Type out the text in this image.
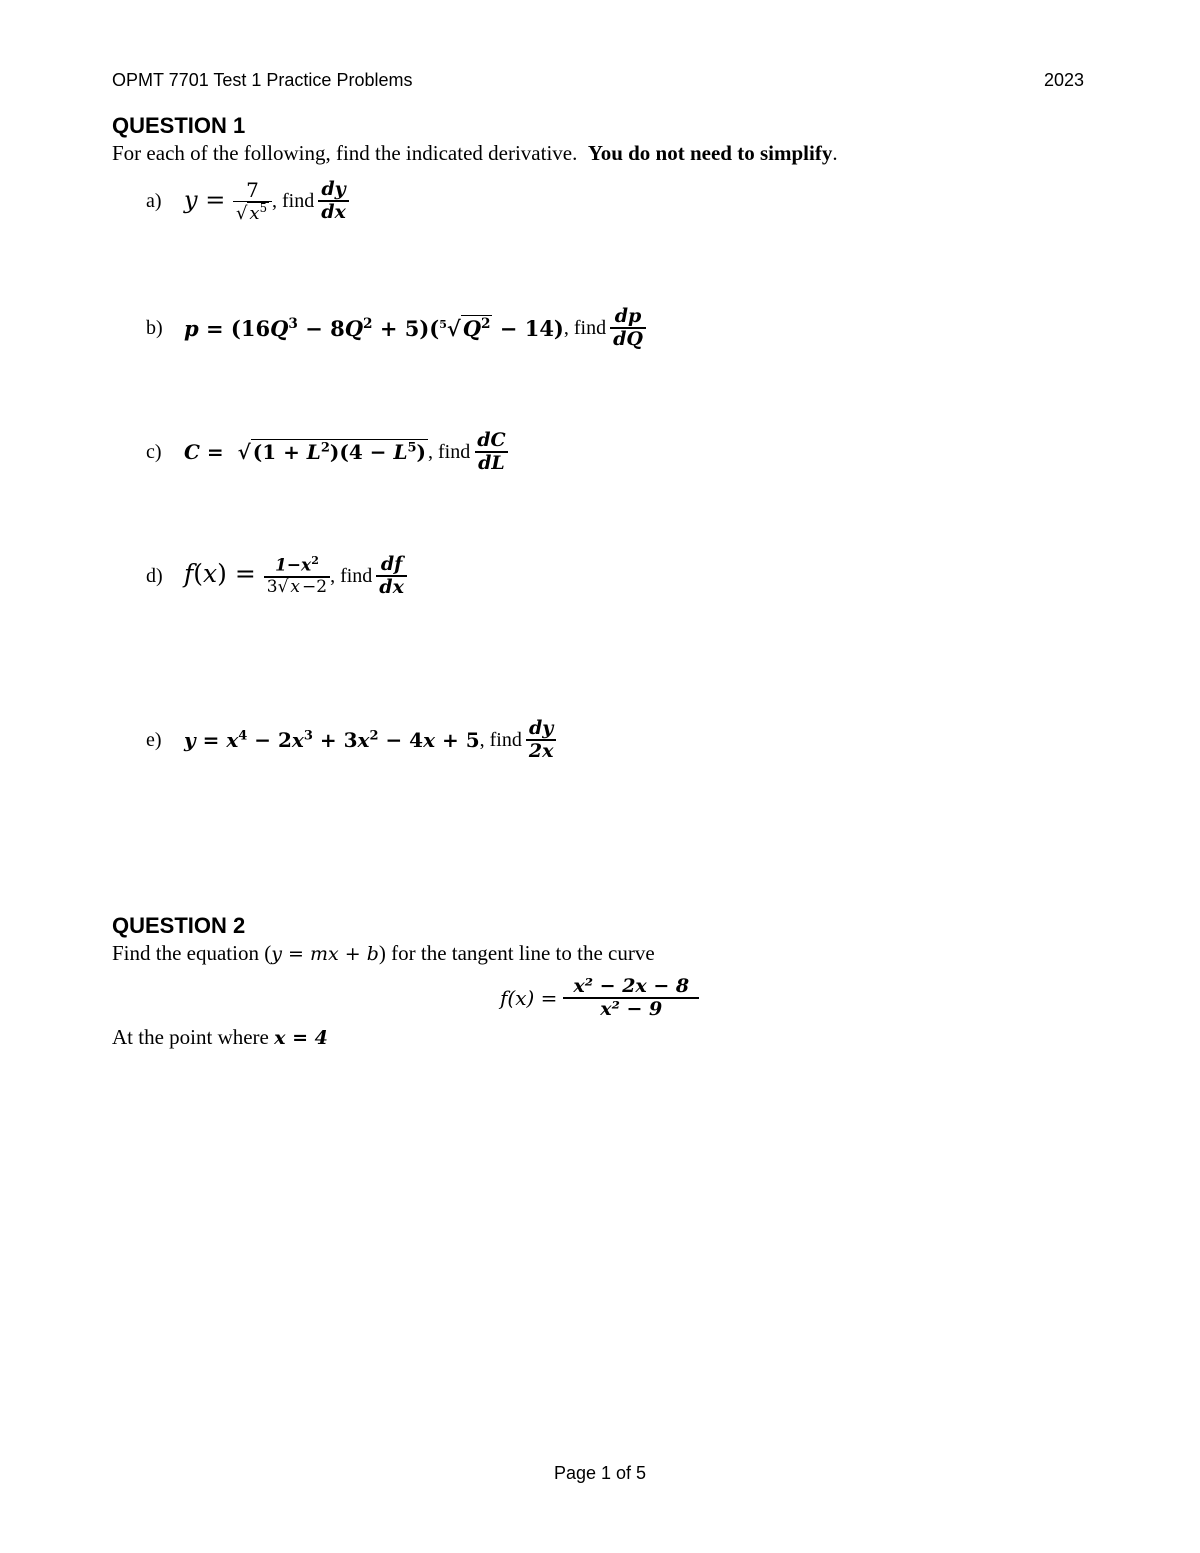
OPMT 7701 Test 1 Practice Problems	2023
QUESTION 1
For each of the following, find the indicated derivative. You do not need to simplify.
a) $y = \frac{7}{√ x^5}$ , find $\frac{dy}{dx}$
b)	$p = (16Q^3 - 8Q^2 + 5)(^5√Q^2 - 14)$ , find $\frac{dp}{dQ}$
c)	C =  √ $(1 + L^2)(4 - L^5)$ , find $\frac{dC}{dL}$
d) $f(x) = \frac{1-x^2}{3√ x -2}$ , find $\frac{df}{dx}$
e)	$y = x^4 - 2x^3 + 3x^2 - 4x + 5$ , find $\frac{dy}{2x}$
QUESTION 2
Find the equation (y = mx + b) for the tangent line to the curve
$f(x) = \frac{\text{x² − 2x − 8}}{\text{x² − 9}}$
At the point where x = 4
Page 1 of 5
